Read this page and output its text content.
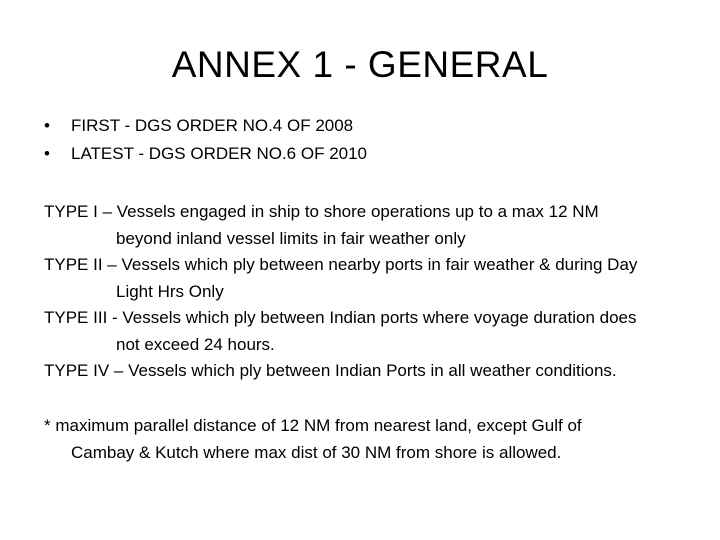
ANNEX 1 - GENERAL
• FIRST - DGS ORDER NO.4 OF 2008
• LATEST - DGS ORDER NO.6 OF 2010

TYPE I – Vessels engaged in ship to shore operations up to a max 12 NM
beyond inland vessel limits in fair weather only

TYPE II – Vessels which ply between nearby ports in fair weather & during Day
Light Hrs Only

TYPE III - Vessels which ply between Indian ports where voyage duration does
not exceed 24 hours.

TYPE IV – Vessels which ply between Indian Ports in all weather conditions.

* maximum parallel distance of 12 NM from nearest land, except Gulf of
Cambay & Kutch where max dist of 30 NM from shore is allowed.
